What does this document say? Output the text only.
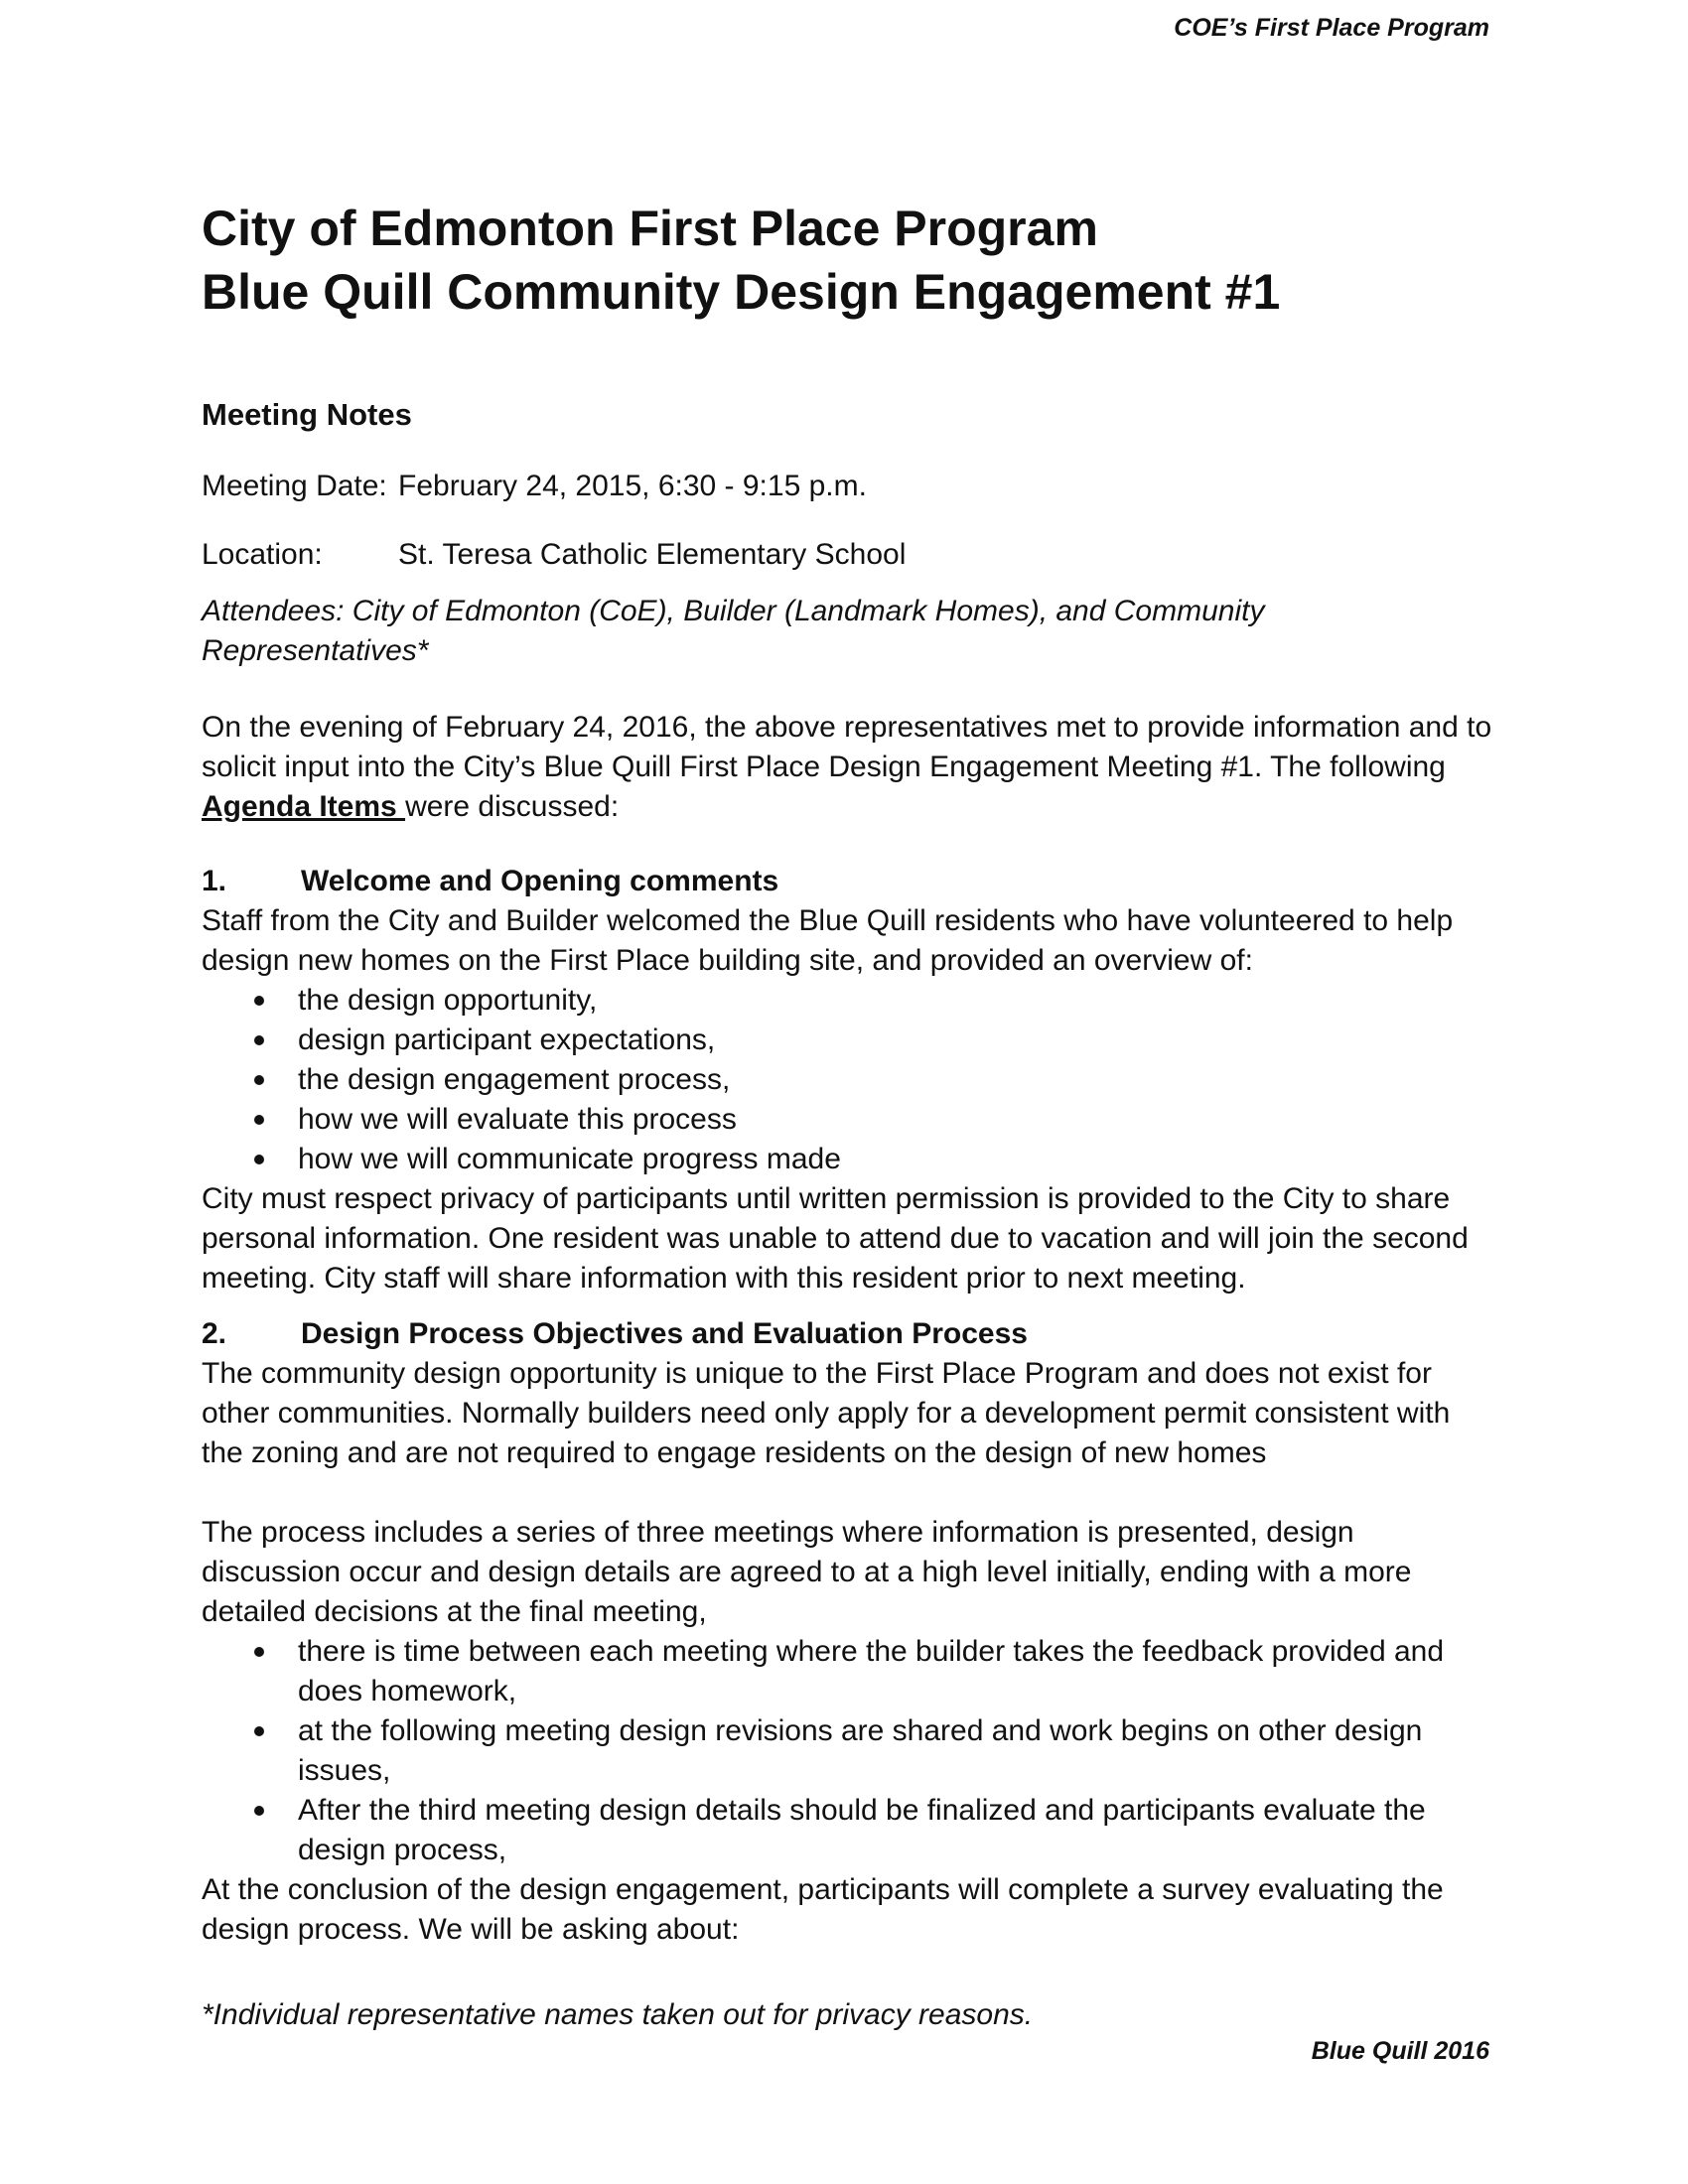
COE’s First Place Program
City of Edmonton First Place Program
Blue Quill Community Design Engagement #1
Meeting Notes
Meeting Date: February 24, 2015, 6:30 - 9:15 p.m.
Location:	St. Teresa Catholic Elementary School
Attendees: City of Edmonton (CoE), Builder (Landmark Homes), and Community Representatives*

On the evening of February 24, 2016, the above representatives met to provide information and to solicit input into the City’s Blue Quill First Place Design Engagement Meeting #1. The following Agenda Items were discussed:

1. Welcome and Opening comments

Staff from the City and Builder welcomed the Blue Quill residents who have volunteered to help design new homes on the First Place building site, and provided an overview of:

the design opportunity,
design participant expectations,
the design engagement process,
how we will evaluate this process
how we will communicate progress made

City must respect privacy of participants until written permission is provided to the City to share personal information. One resident was unable to attend due to vacation and will join the second meeting. City staff will share information with this resident prior to next meeting.

2. Design Process Objectives and Evaluation Process

The community design opportunity is unique to the First Place Program and does not exist for other communities. Normally builders need only apply for a development permit consistent with the zoning and are not required to engage residents on the design of new homes

The process includes a series of three meetings where information is presented, design discussion occur and design details are agreed to at a high level initially, ending with a more detailed decisions at the final meeting,

there is time between each meeting where the builder takes the feedback provided and does homework,
at the following meeting design revisions are shared and work begins on other design issues,
After the third meeting design details should be finalized and participants evaluate the design process,

At the conclusion of the design engagement, participants will complete a survey evaluating the design process. We will be asking about:

*Individual representative names taken out for privacy reasons.
Blue Quill 2016
